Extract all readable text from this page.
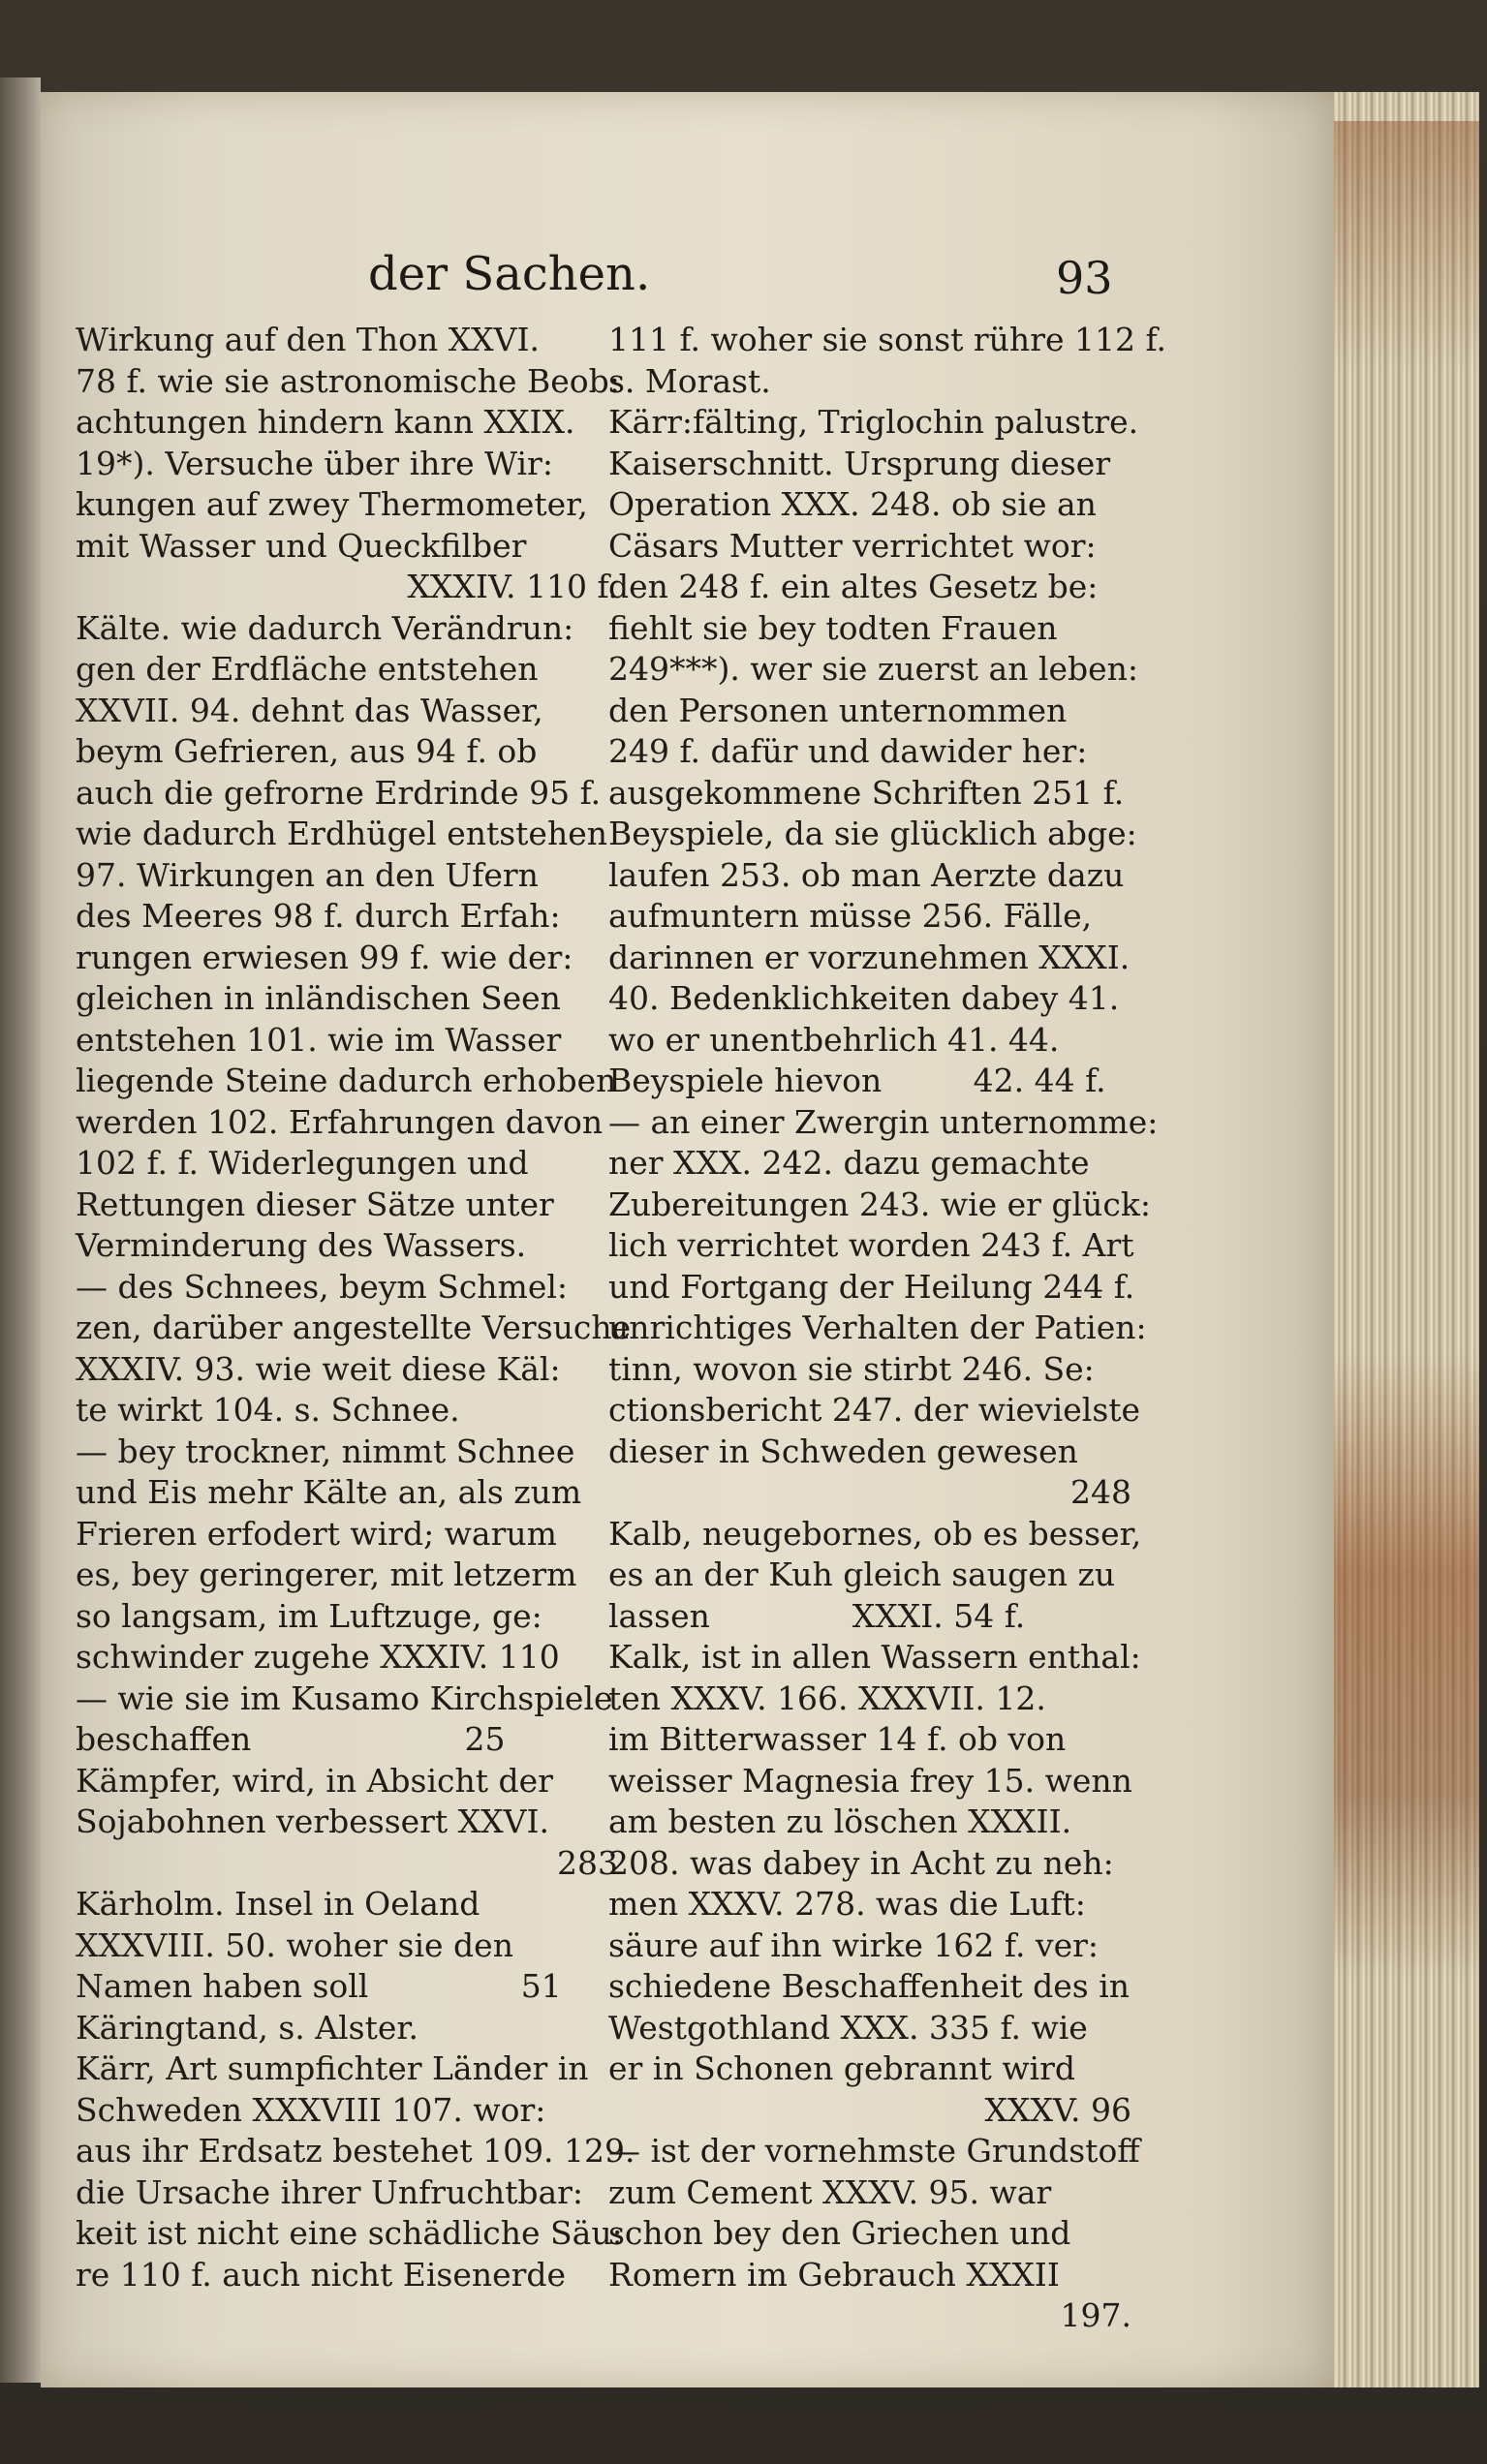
der Sachen.	93
Wirkung auf den Thon XXVI.
78 f. wie sie astronomische Beob:
achtungen hindern kann XXIX.
19*). Versuche über ihre Wir:
kungen auf zwey Thermometer,
mit Wasser und Queckfilber
XXXIV. 110 f.
Kälte. wie dadurch Verändrun:
gen der Erdfläche entstehen
XXVII. 94. dehnt das Wasser,
beym Gefrieren, aus 94 f. ob
auch die gefrorne Erdrinde 95 f.
wie dadurch Erdhügel entstehen
97. Wirkungen an den Ufern
des Meeres 98 f. durch Erfah:
rungen erwiesen 99 f. wie der:
gleichen in inländischen Seen
entstehen 101. wie im Wasser
liegende Steine dadurch erhoben
werden 102. Erfahrungen davon
102 f. f. Widerlegungen und
Rettungen dieser Sätze unter
Verminderung des Wassers.
— des Schnees, beym Schmel:
zen, darüber angestellte Versuche
XXXIV. 93. wie weit diese Käl:
te wirkt 104. s. Schnee.
— bey trockner, nimmt Schnee
und Eis mehr Kälte an, als zum
Frieren erfodert wird; warum
es, bey geringerer, mit letzerm
so langsam, im Luftzuge, ge:
schwinder zugehe XXXIV. 110
— wie sie im Kusamo Kirchspiele
beschaffen                     25
Kämpfer, wird, in Absicht der
Sojabohnen verbessert XXVI.
283
Kärholm. Insel in Oeland
XXXVIII. 50. woher sie den
Namen haben soll               51
Käringtand, s. Alster.
Kärr, Art sumpfichter Länder in
Schweden XXXVIII 107. wor:
aus ihr Erdsatz bestehet 109. 129.
die Ursache ihrer Unfruchtbar:
keit ist nicht eine schädliche Säu:
re 110 f. auch nicht Eisenerde
111 f. woher sie sonst rühre 112 f.
s. Morast.
Kärr:fälting, Triglochin palustre.
Kaiserschnitt. Ursprung dieser
Operation XXX. 248. ob sie an
Cäsars Mutter verrichtet wor:
den 248 f. ein altes Gesetz be:
fiehlt sie bey todten Frauen
249***). wer sie zuerst an leben:
den Personen unternommen
249 f. dafür und dawider her:
ausgekommene Schriften 251 f.
Beyspiele, da sie glücklich abge:
laufen 253. ob man Aerzte dazu
aufmuntern müsse 256. Fälle,
darinnen er vorzunehmen XXXI.
40. Bedenklichkeiten dabey 41.
wo er unentbehrlich 41. 44.
Beyspiele hievon         42. 44 f.
— an einer Zwergin unternomme:
ner XXX. 242. dazu gemachte
Zubereitungen 243. wie er glück:
lich verrichtet worden 243 f. Art
und Fortgang der Heilung 244 f.
unrichtiges Verhalten der Patien:
tinn, wovon sie stirbt 246. Se:
ctionsbericht 247. der wievielste
dieser in Schweden gewesen
248
Kalb, neugebornes, ob es besser,
es an der Kuh gleich saugen zu
lassen              XXXI. 54 f.
Kalk, ist in allen Wassern enthal:
ten XXXV. 166. XXXVII. 12.
im Bitterwasser 14 f. ob von
weisser Magnesia frey 15. wenn
am besten zu löschen XXXII.
208. was dabey in Acht zu neh:
men XXXV. 278. was die Luft:
säure auf ihn wirke 162 f. ver:
schiedene Beschaffenheit des in
Westgothland XXX. 335 f. wie
er in Schonen gebrannt wird
XXXV. 96
— ist der vornehmste Grundstoff
zum Cement XXXV. 95. war
schon bey den Griechen und
Romern im Gebrauch XXXII
197.
